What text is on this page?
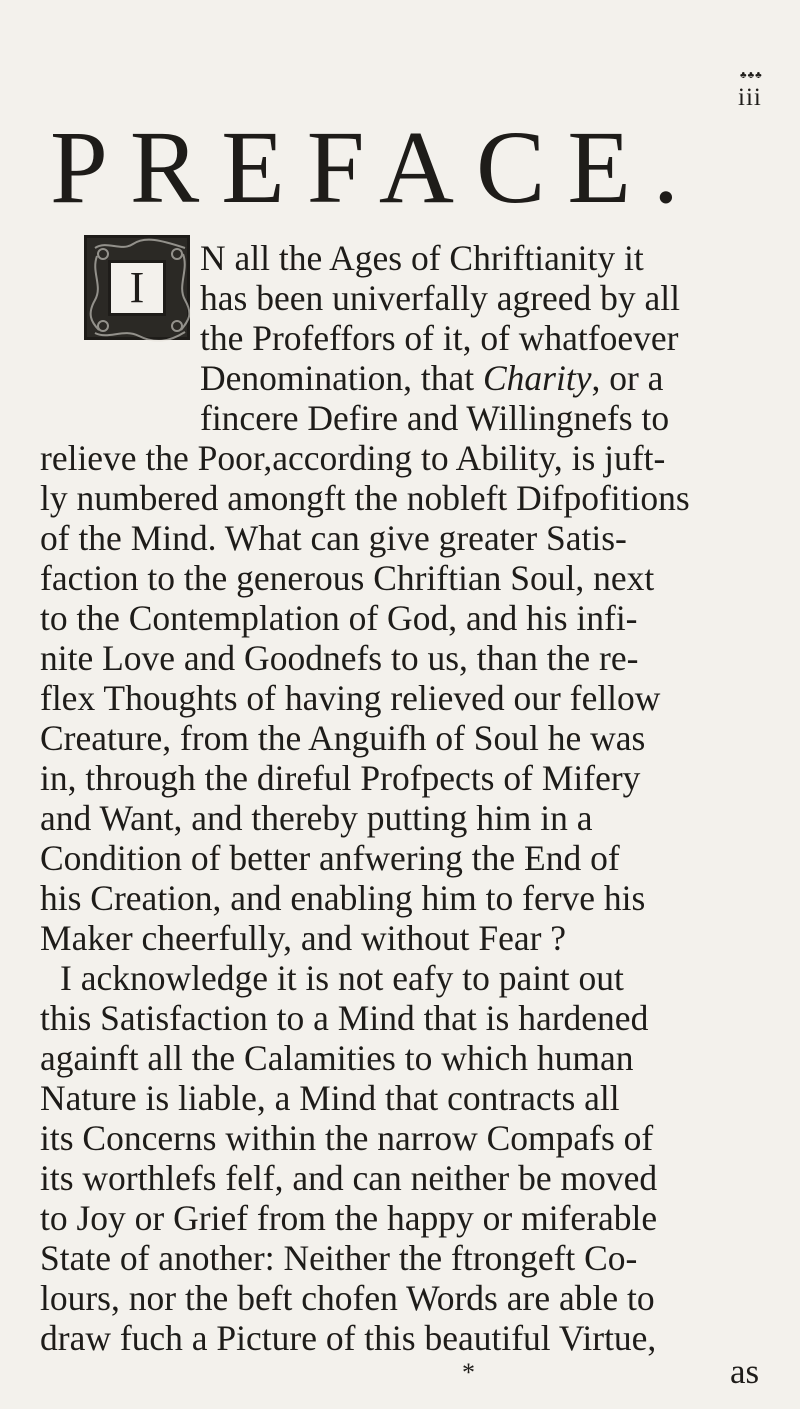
♣♣♣
iii
PREFACE.
I
N all the Ages of Chriftianity it
has been univerfally agreed by all
the Profeffors of it, of whatfoever
Denomination, that Charity, or a
fincere Defire and Willingnefs to
relieve the Poor,according to Ability, is juft-
ly numbered amongft the nobleft Difpofitions
of the Mind. What can give greater Satis-
faction to the generous Chriftian Soul, next
to the Contemplation of God, and his infi-
nite Love and Goodnefs to us, than the re-
flex Thoughts of having relieved our fellow
Creature, from the Anguifh of Soul he was
in, through the direful Profpects of Mifery
and Want, and thereby putting him in a
Condition of better anfwering the End of
his Creation, and enabling him to ferve his
Maker cheerfully, and without Fear ?
I acknowledge it is not eafy to paint out
this Satisfaction to a Mind that is hardened
againft all the Calamities to which human
Nature is liable, a Mind that contracts all
its Concerns within the narrow Compafs of
its worthlefs felf, and can neither be moved
to Joy or Grief from the happy or miferable
State of another: Neither the ftrongeft Co-
lours, nor the beft chofen Words are able to
draw fuch a Picture of this beautiful Virtue,
*	as
